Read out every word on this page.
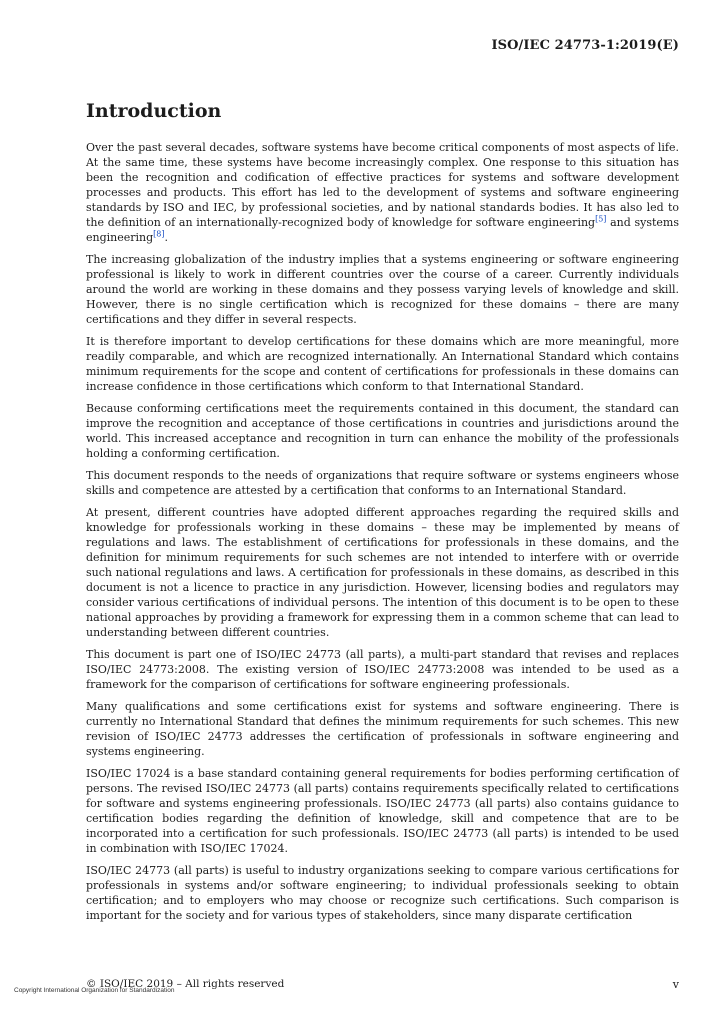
ISO/IEC 24773-1:2019(E)
Introduction

Over the past several decades, software systems have become critical components of most aspects of life. At the same time, these systems have become increasingly complex. One response to this situation has been the recognition and codification of effective practices for systems and software development processes and products. This effort has led to the development of systems and software engineering standards by ISO and IEC, by professional societies, and by national standards bodies. It has also led to the definition of an internationally-recognized body of knowledge for software engineering[5] and systems engineering[8].

The increasing globalization of the industry implies that a systems engineering or software engineering professional is likely to work in different countries over the course of a career. Currently individuals around the world are working in these domains and they possess varying levels of knowledge and skill. However, there is no single certification which is recognized for these domains – there are many certifications and they differ in several respects.

It is therefore important to develop certifications for these domains which are more meaningful, more readily comparable, and which are recognized internationally. An International Standard which contains minimum requirements for the scope and content of certifications for professionals in these domains can increase confidence in those certifications which conform to that International Standard.

Because conforming certifications meet the requirements contained in this document, the standard can improve the recognition and acceptance of those certifications in countries and jurisdictions around the world. This increased acceptance and recognition in turn can enhance the mobility of the professionals holding a conforming certification.

This document responds to the needs of organizations that require software or systems engineers whose skills and competence are attested by a certification that conforms to an International Standard.

At present, different countries have adopted different approaches regarding the required skills and knowledge for professionals working in these domains – these may be implemented by means of regulations and laws. The establishment of certifications for professionals in these domains, and the definition for minimum requirements for such schemes are not intended to interfere with or override such national regulations and laws. A certification for professionals in these domains, as described in this document is not a licence to practice in any jurisdiction. However, licensing bodies and regulators may consider various certifications of individual persons. The intention of this document is to be open to these national approaches by providing a framework for expressing them in a common scheme that can lead to understanding between different countries.

This document is part one of ISO/IEC 24773 (all parts), a multi-part standard that revises and replaces ISO/IEC 24773:2008. The existing version of ISO/IEC 24773:2008 was intended to be used as a framework for the comparison of certifications for software engineering professionals.

Many qualifications and some certifications exist for systems and software engineering. There is currently no International Standard that defines the minimum requirements for such schemes. This new revision of ISO/IEC 24773 addresses the certification of professionals in software engineering and systems engineering.

ISO/IEC 17024 is a base standard containing general requirements for bodies performing certification of persons. The revised ISO/IEC 24773 (all parts) contains requirements specifically related to certifications for software and systems engineering professionals. ISO/IEC 24773 (all parts) also contains guidance to certification bodies regarding the definition of knowledge, skill and competence that are to be incorporated into a certification for such professionals. ISO/IEC 24773 (all parts) is intended to be used in combination with ISO/IEC 17024.

ISO/IEC 24773 (all parts) is useful to industry organizations seeking to compare various certifications for professionals in systems and/or software engineering; to individual professionals seeking to obtain certification; and to employers who may choose or recognize such certifications. Such comparison is important for the society and for various types of stakeholders, since many disparate certification

© ISO/IEC 2019 – All rights reserved	v
Copyright International Organization for Standardization
